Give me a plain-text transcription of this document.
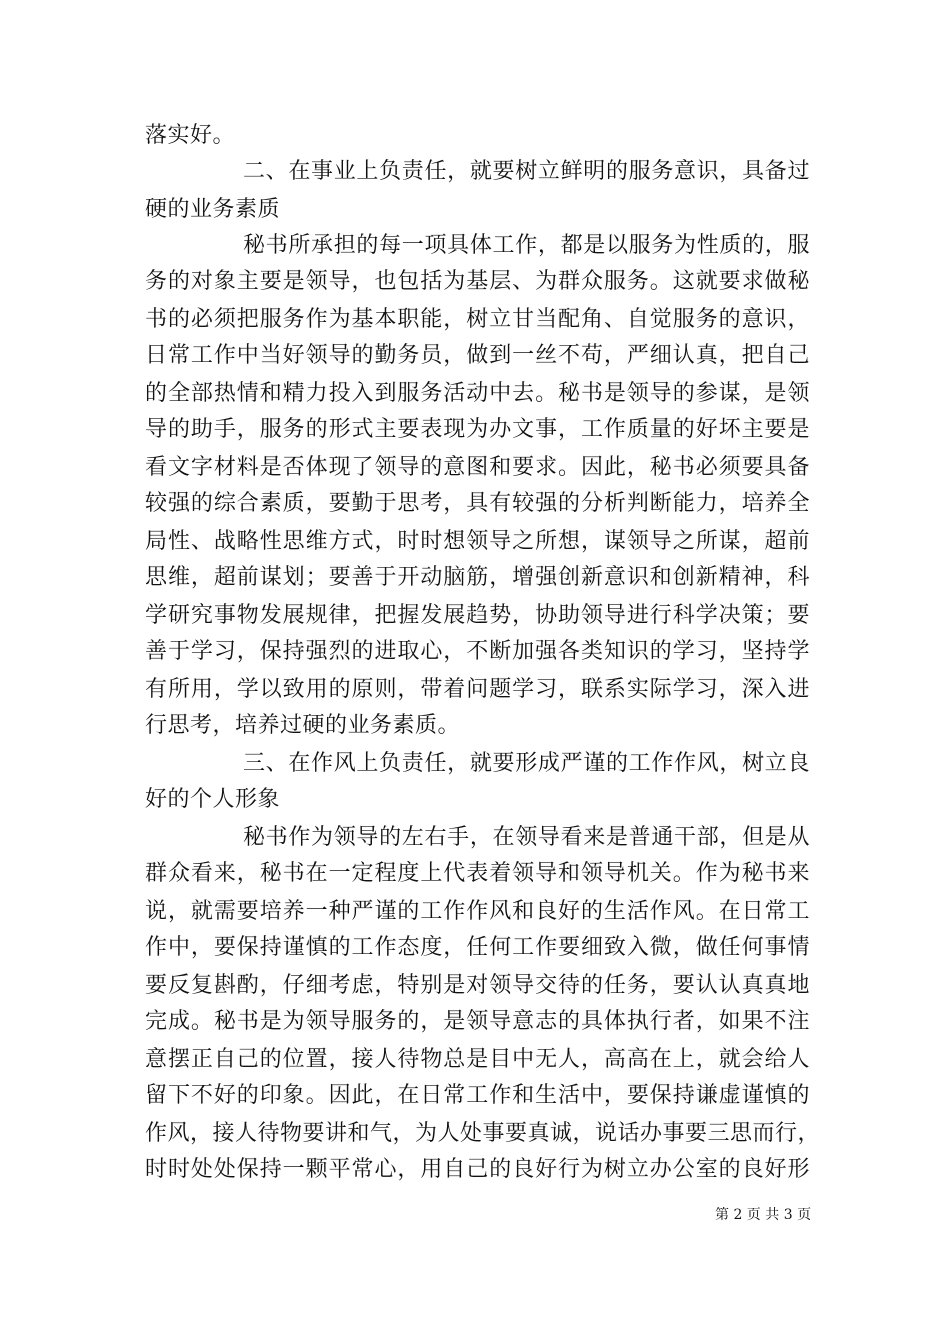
落实好。
二、在事业上负责任，就要树立鲜明的服务意识，具备过
硬的业务素质
秘书所承担的每一项具体工作，都是以服务为性质的，服
务的对象主要是领导，也包括为基层、为群众服务。这就要求做秘
书的必须把服务作为基本职能，树立甘当配角、自觉服务的意识，
日常工作中当好领导的勤务员，做到一丝不苟，严细认真，把自己
的全部热情和精力投入到服务活动中去。秘书是领导的参谋，是领
导的助手，服务的形式主要表现为办文事，工作质量的好坏主要是
看文字材料是否体现了领导的意图和要求。因此，秘书必须要具备
较强的综合素质，要勤于思考，具有较强的分析判断能力，培养全
局性、战略性思维方式，时时想领导之所想，谋领导之所谋，超前
思维，超前谋划；要善于开动脑筋，增强创新意识和创新精神，科
学研究事物发展规律，把握发展趋势，协助领导进行科学决策；要
善于学习，保持强烈的进取心，不断加强各类知识的学习，坚持学
有所用，学以致用的原则，带着问题学习，联系实际学习，深入进
行思考，培养过硬的业务素质。
三、在作风上负责任，就要形成严谨的工作作风，树立良
好的个人形象
秘书作为领导的左右手，在领导看来是普通干部，但是从
群众看来，秘书在一定程度上代表着领导和领导机关。作为秘书来
说，就需要培养一种严谨的工作作风和良好的生活作风。在日常工
作中，要保持谨慎的工作态度，任何工作要细致入微，做任何事情
要反复斟酌，仔细考虑，特别是对领导交待的任务，要认认真真地
完成。秘书是为领导服务的，是领导意志的具体执行者，如果不注
意摆正自己的位置，接人待物总是目中无人，高高在上，就会给人
留下不好的印象。因此，在日常工作和生活中，要保持谦虚谨慎的
作风，接人待物要讲和气，为人处事要真诚，说话办事要三思而行，
时时处处保持一颗平常心，用自己的良好行为树立办公室的良好形
第 2 页 共 3 页
